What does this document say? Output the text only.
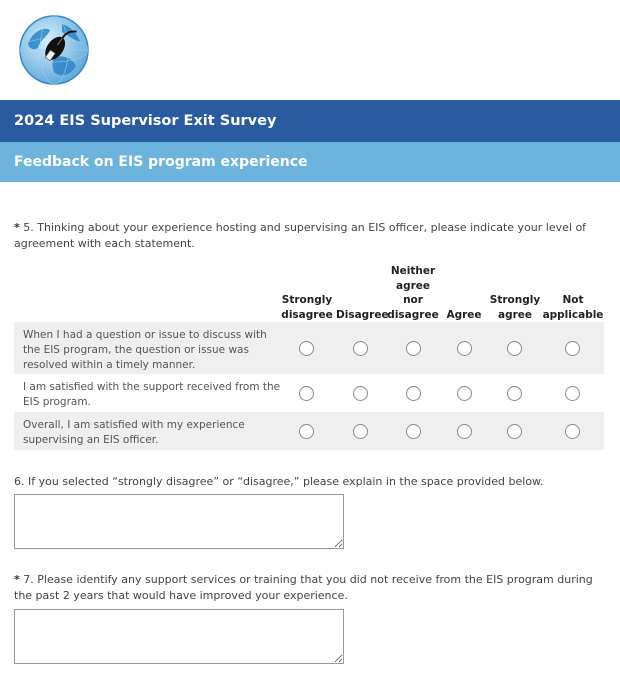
2024 EIS Supervisor Exit Survey
Feedback on EIS program experience
* 5. Thinking about your experience hosting and supervising an EIS officer, please indicate your level of agreement with each statement.
Strongly disagree Disagree
Neither agree nor disagree Agree
Strongly agree
Not applicable
When I had a question or issue to discuss with the EIS program, the question or issue was resolved within a timely manner.
I am satisfied with the support received from the EIS program.
Overall, I am satisfied with my experience supervising an EIS officer.
6. If you selected “strongly disagree” or “disagree,” please explain in the space provided below.
* 7. Please identify any support services or training that you did not receive from the EIS program during the past 2 years that would have improved your experience.
